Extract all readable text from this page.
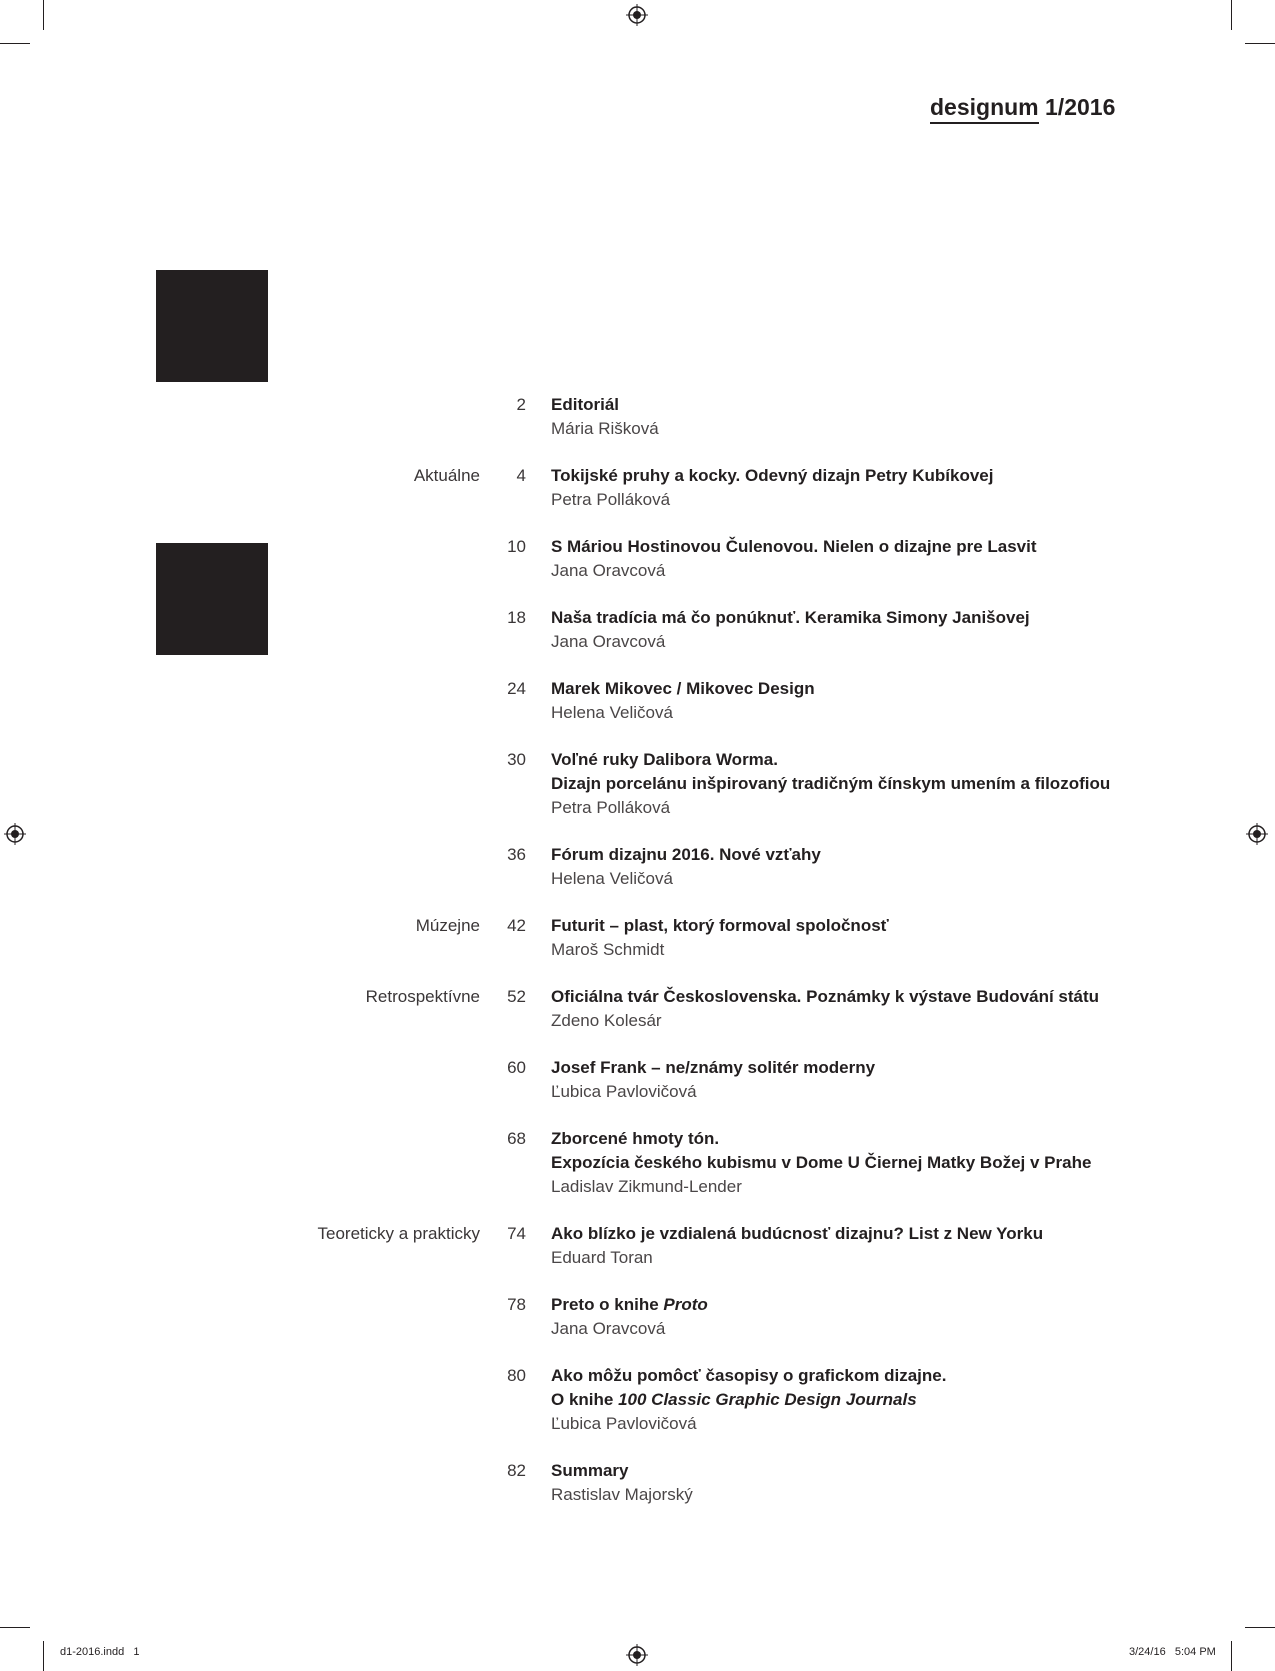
designum 1/2016
2 Editoriál
Mária Rišková
Aktuálne	4 Tokijské pruhy a kocky. Odevný dizajn Petry Kubíkovej
Petra Polláková
10 S Máriou Hostinovou Čulenovou. Nielen o dizajne pre Lasvit
Jana Oravcová
18 Naša tradícia má čo ponúknuť. Keramika Simony Janišovej
Jana Oravcová
24 Marek Mikovec / Mikovec Design
Helena Veličová
30 Voľné ruky Dalibora Worma.
Dizajn porcelánu inšpirovaný tradičným čínskym umením a filozofiou
Petra Polláková
36 Fórum dizajnu 2016. Nové vzťahy
Helena Veličová
Múzejne	42 Futurit – plast, ktorý formoval spoločnosť
Maroš Schmidt
Retrospektívne	52 Oficiálna tvár Československa. Poznámky k výstave Budování státu
Zdeno Kolesár
60 Josef Frank – ne/známy solitér moderny
Ľubica Pavlovičová
68 Zborcené hmoty tón.
Expozícia českého kubismu v Dome U Čiernej Matky Božej v Prahe
Ladislav Zikmund-Lender
Teoreticky a prakticky	74 Ako blízko je vzdialená budúcnosť dizajnu? List z New Yorku
Eduard Toran
78 Preto o knihe Proto
Jana Oravcová
80 Ako môžu pomôcť časopisy o grafickom dizajne.
O knihe 100 Classic Graphic Design Journals
Ľubica Pavlovičová
82 Summary
Rastislav Majorský
d1-2016.indd   1	3/24/16   5:04 PM
